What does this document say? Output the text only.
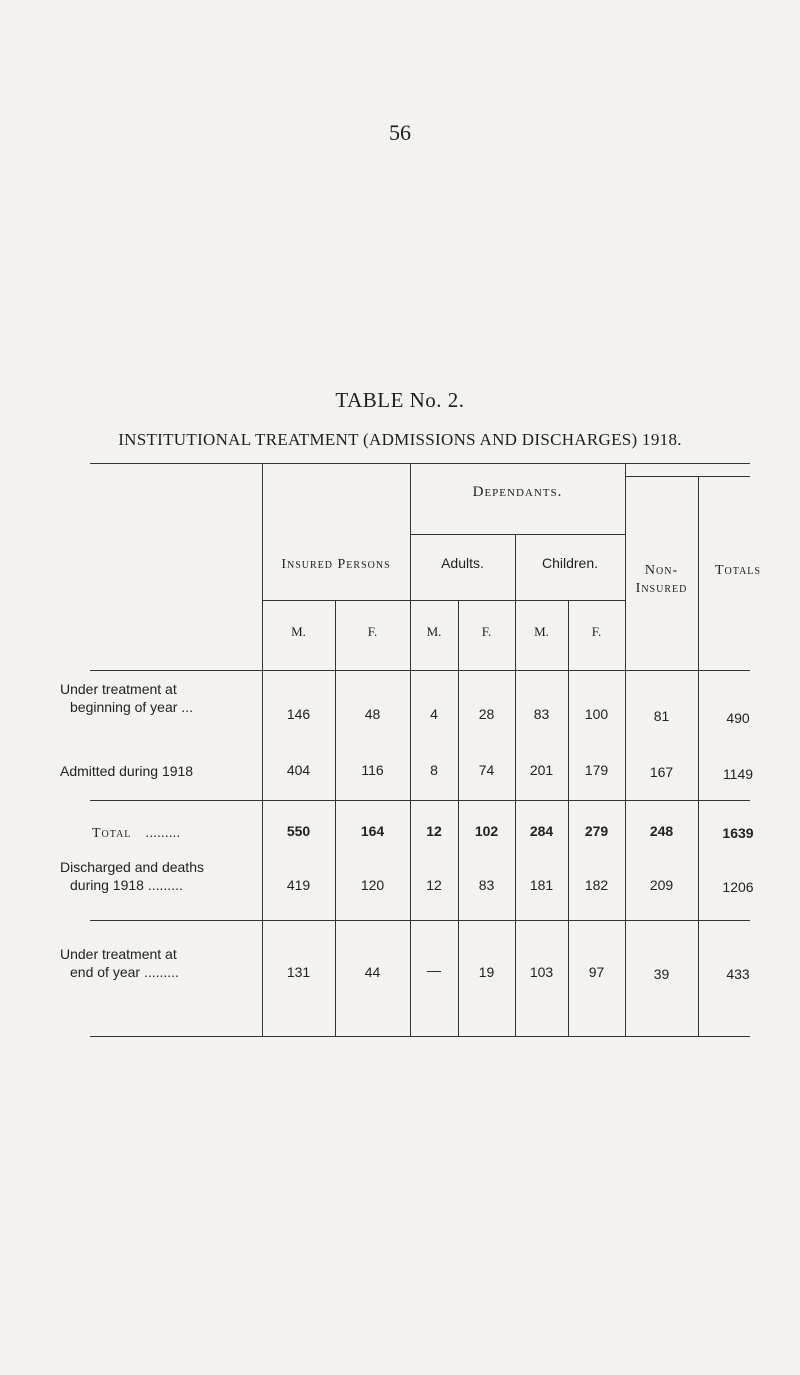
56
TABLE No. 2.
INSTITUTIONAL TREATMENT (ADMISSIONS AND DISCHARGES) 1918.
Insured Persons
Dependants.
Adults.	Children.	Non-
Insured
Totals
M.	F.	M.	F.	M.	F.
Under treatment at
beginning of year ...	146	48	4	28	83	100	81	490
Admitted during 1918	404	116	8	74	201	179	167	1149
Total .........	550	164	12	102	284	279	248	1639
Discharged and deaths
during 1918 .........	419	120	12	83	181	182	209	1206
Under treatment at
end of year .........	131	44	—	19	103	97	39	433
